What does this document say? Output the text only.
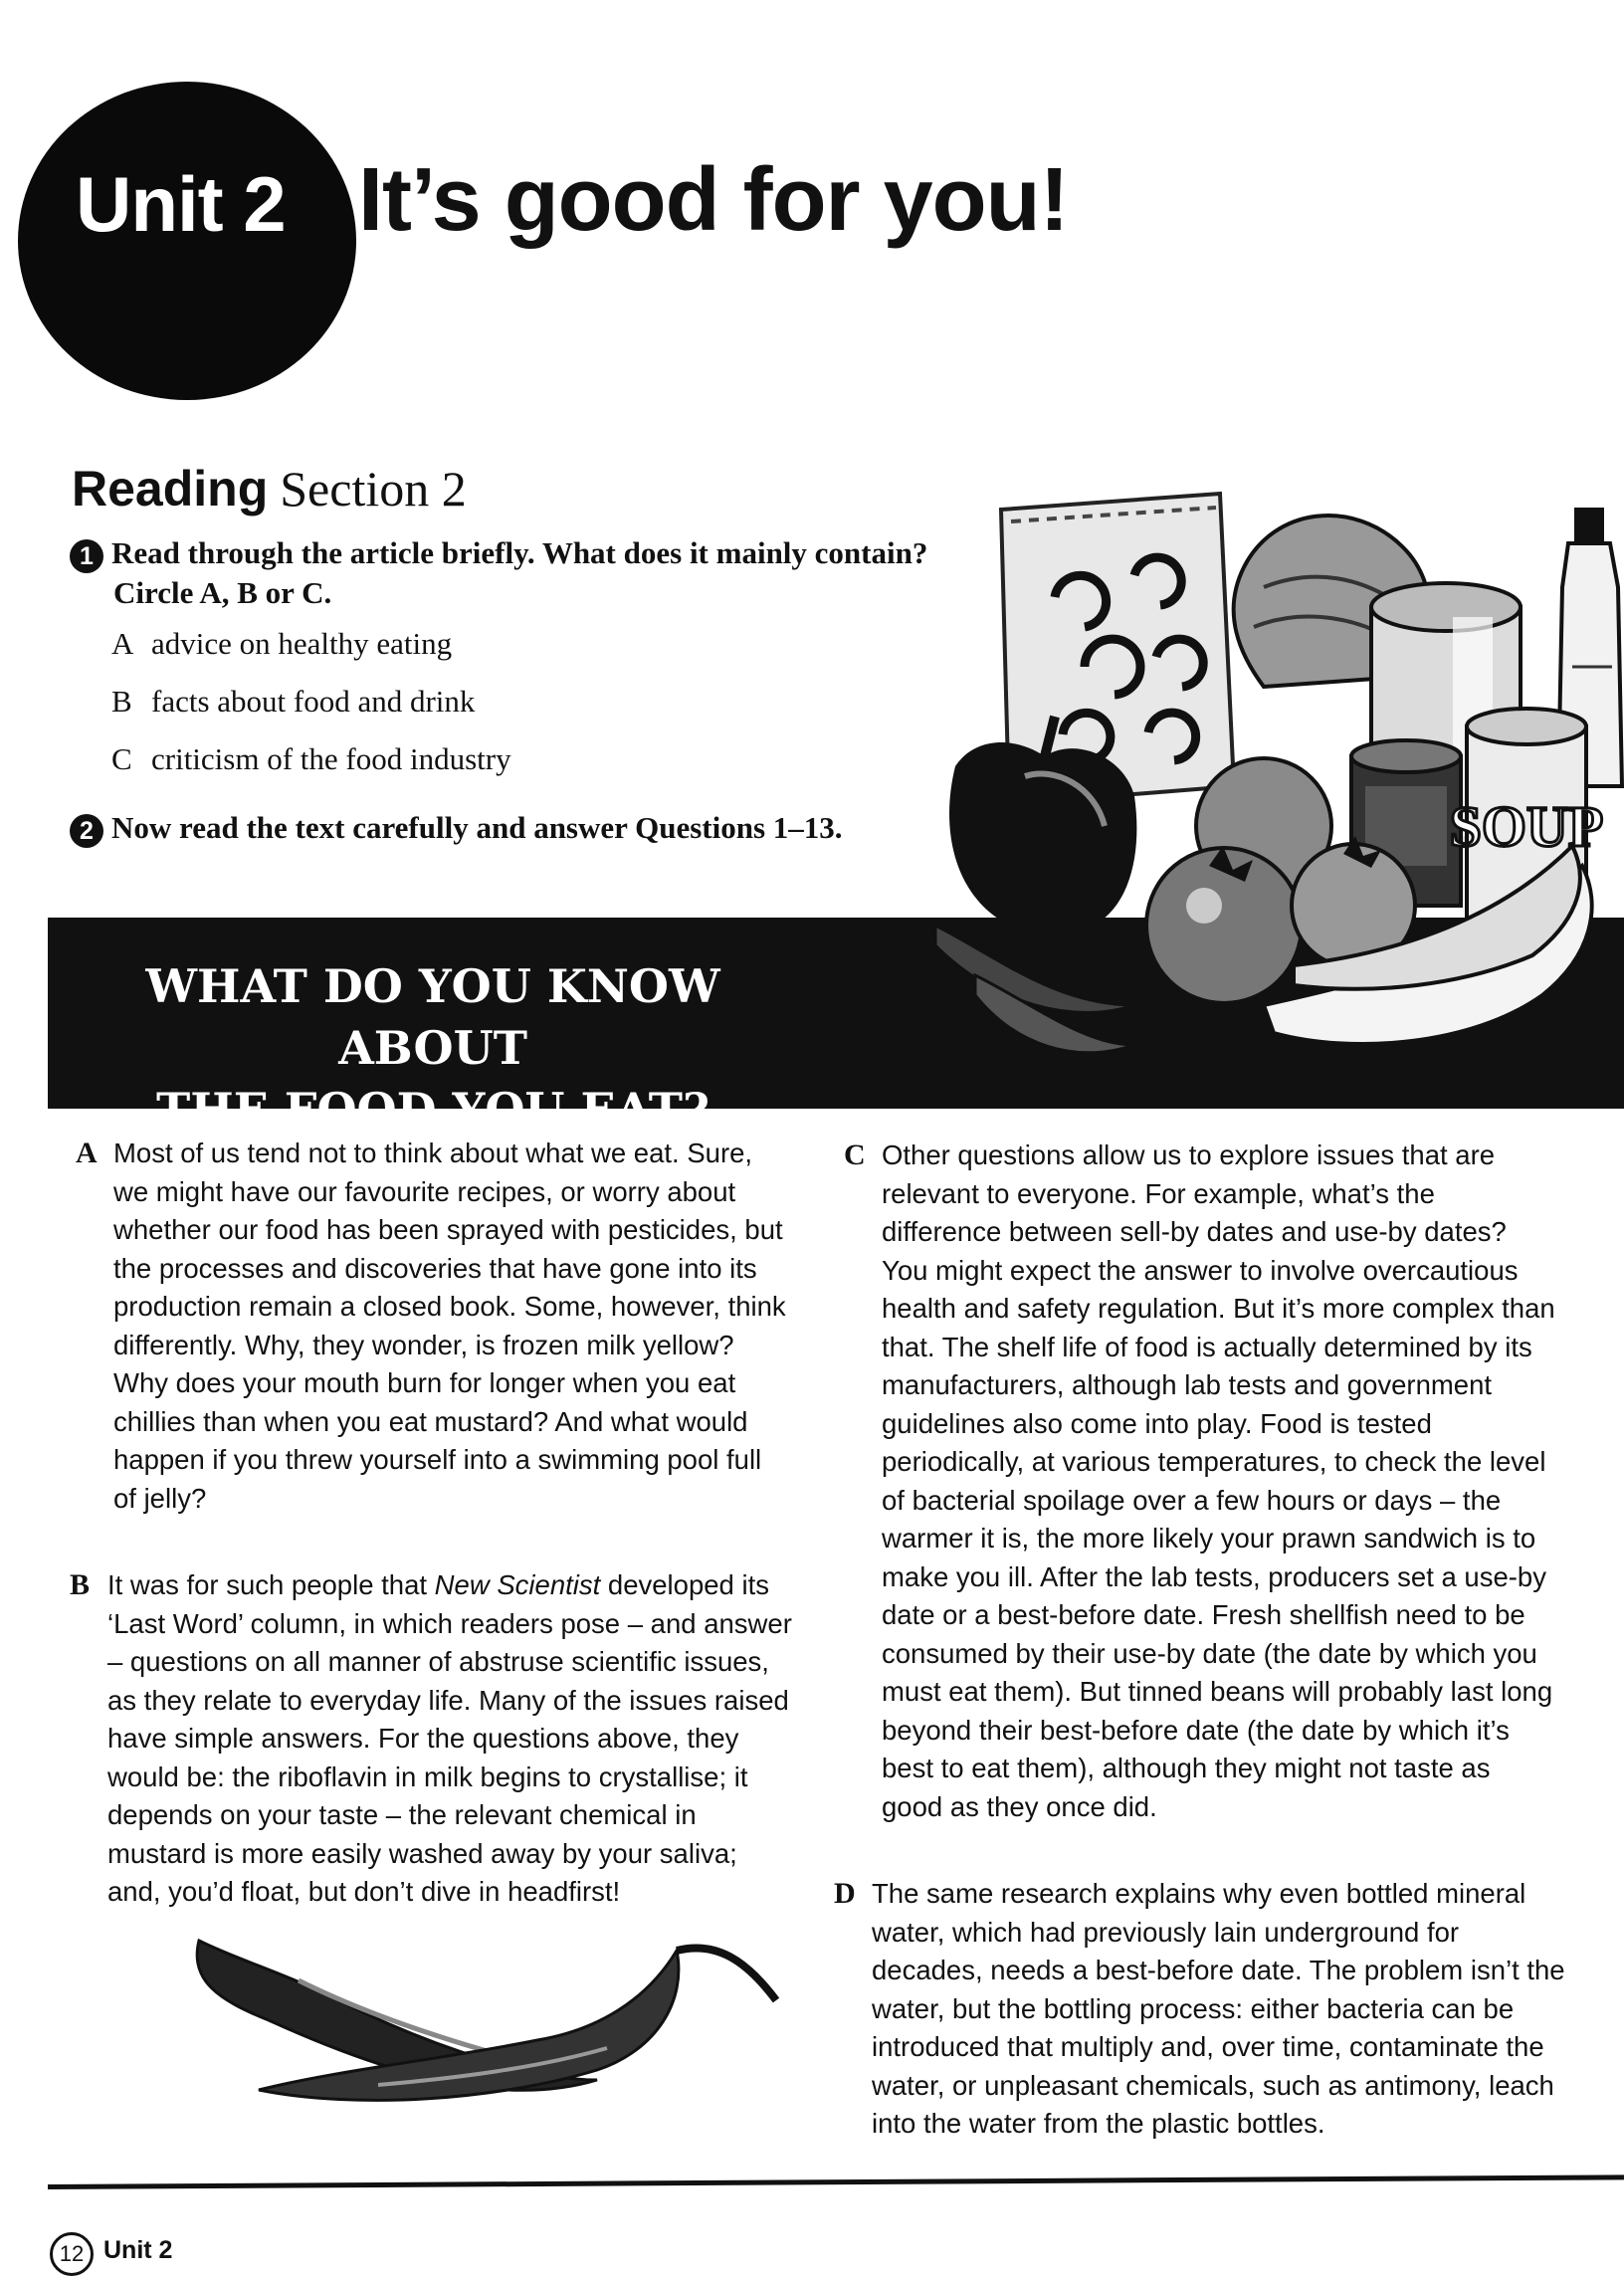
Unit 2 It’s good for you!
Reading Section 2
1 Read through the article briefly. What does it mainly contain?
Circle A, B or C.
A advice on healthy eating
B facts about food and drink
C criticism of the food industry
2 Now read the text carefully and answer Questions 1–13.
WHAT DO YOU KNOW ABOUT
THE FOOD YOU EAT?
SOUP
A Most of us tend not to think about what we eat. Sure, we might have our favourite recipes, or worry about whether our food has been sprayed with pesticides, but the processes and discoveries that have gone into its production remain a closed book. Some, however, think differently. Why, they wonder, is frozen milk yellow? Why does your mouth burn for longer when you eat chillies than when you eat mustard? And what would happen if you threw yourself into a swimming pool full of jelly?
B It was for such people that New Scientist developed its ‘Last Word’ column, in which readers pose – and answer – questions on all manner of abstruse scientific issues, as they relate to everyday life. Many of the issues raised have simple answers. For the questions above, they would be: the riboflavin in milk begins to crystallise; it depends on your taste – the relevant chemical in mustard is more easily washed away by your saliva; and, you’d float, but don’t dive in headfirst!
C Other questions allow us to explore issues that are relevant to everyone. For example, what’s the difference between sell-by dates and use-by dates? You might expect the answer to involve overcautious health and safety regulation. But it’s more complex than that. The shelf life of food is actually determined by its manufacturers, although lab tests and government guidelines also come into play. Food is tested periodically, at various temperatures, to check the level of bacterial spoilage over a few hours or days – the warmer it is, the more likely your prawn sandwich is to make you ill. After the lab tests, producers set a use-by date or a best-before date. Fresh shellfish need to be consumed by their use-by date (the date by which you must eat them). But tinned beans will probably last long beyond their best-before date (the date by which it’s best to eat them), although they might not taste as good as they once did.
D The same research explains why even bottled mineral water, which had previously lain underground for decades, needs a best-before date. The problem isn’t the water, but the bottling process: either bacteria can be introduced that multiply and, over time, contaminate the water, or unpleasant chemicals, such as antimony, leach into the water from the plastic bottles.
12 Unit 2
